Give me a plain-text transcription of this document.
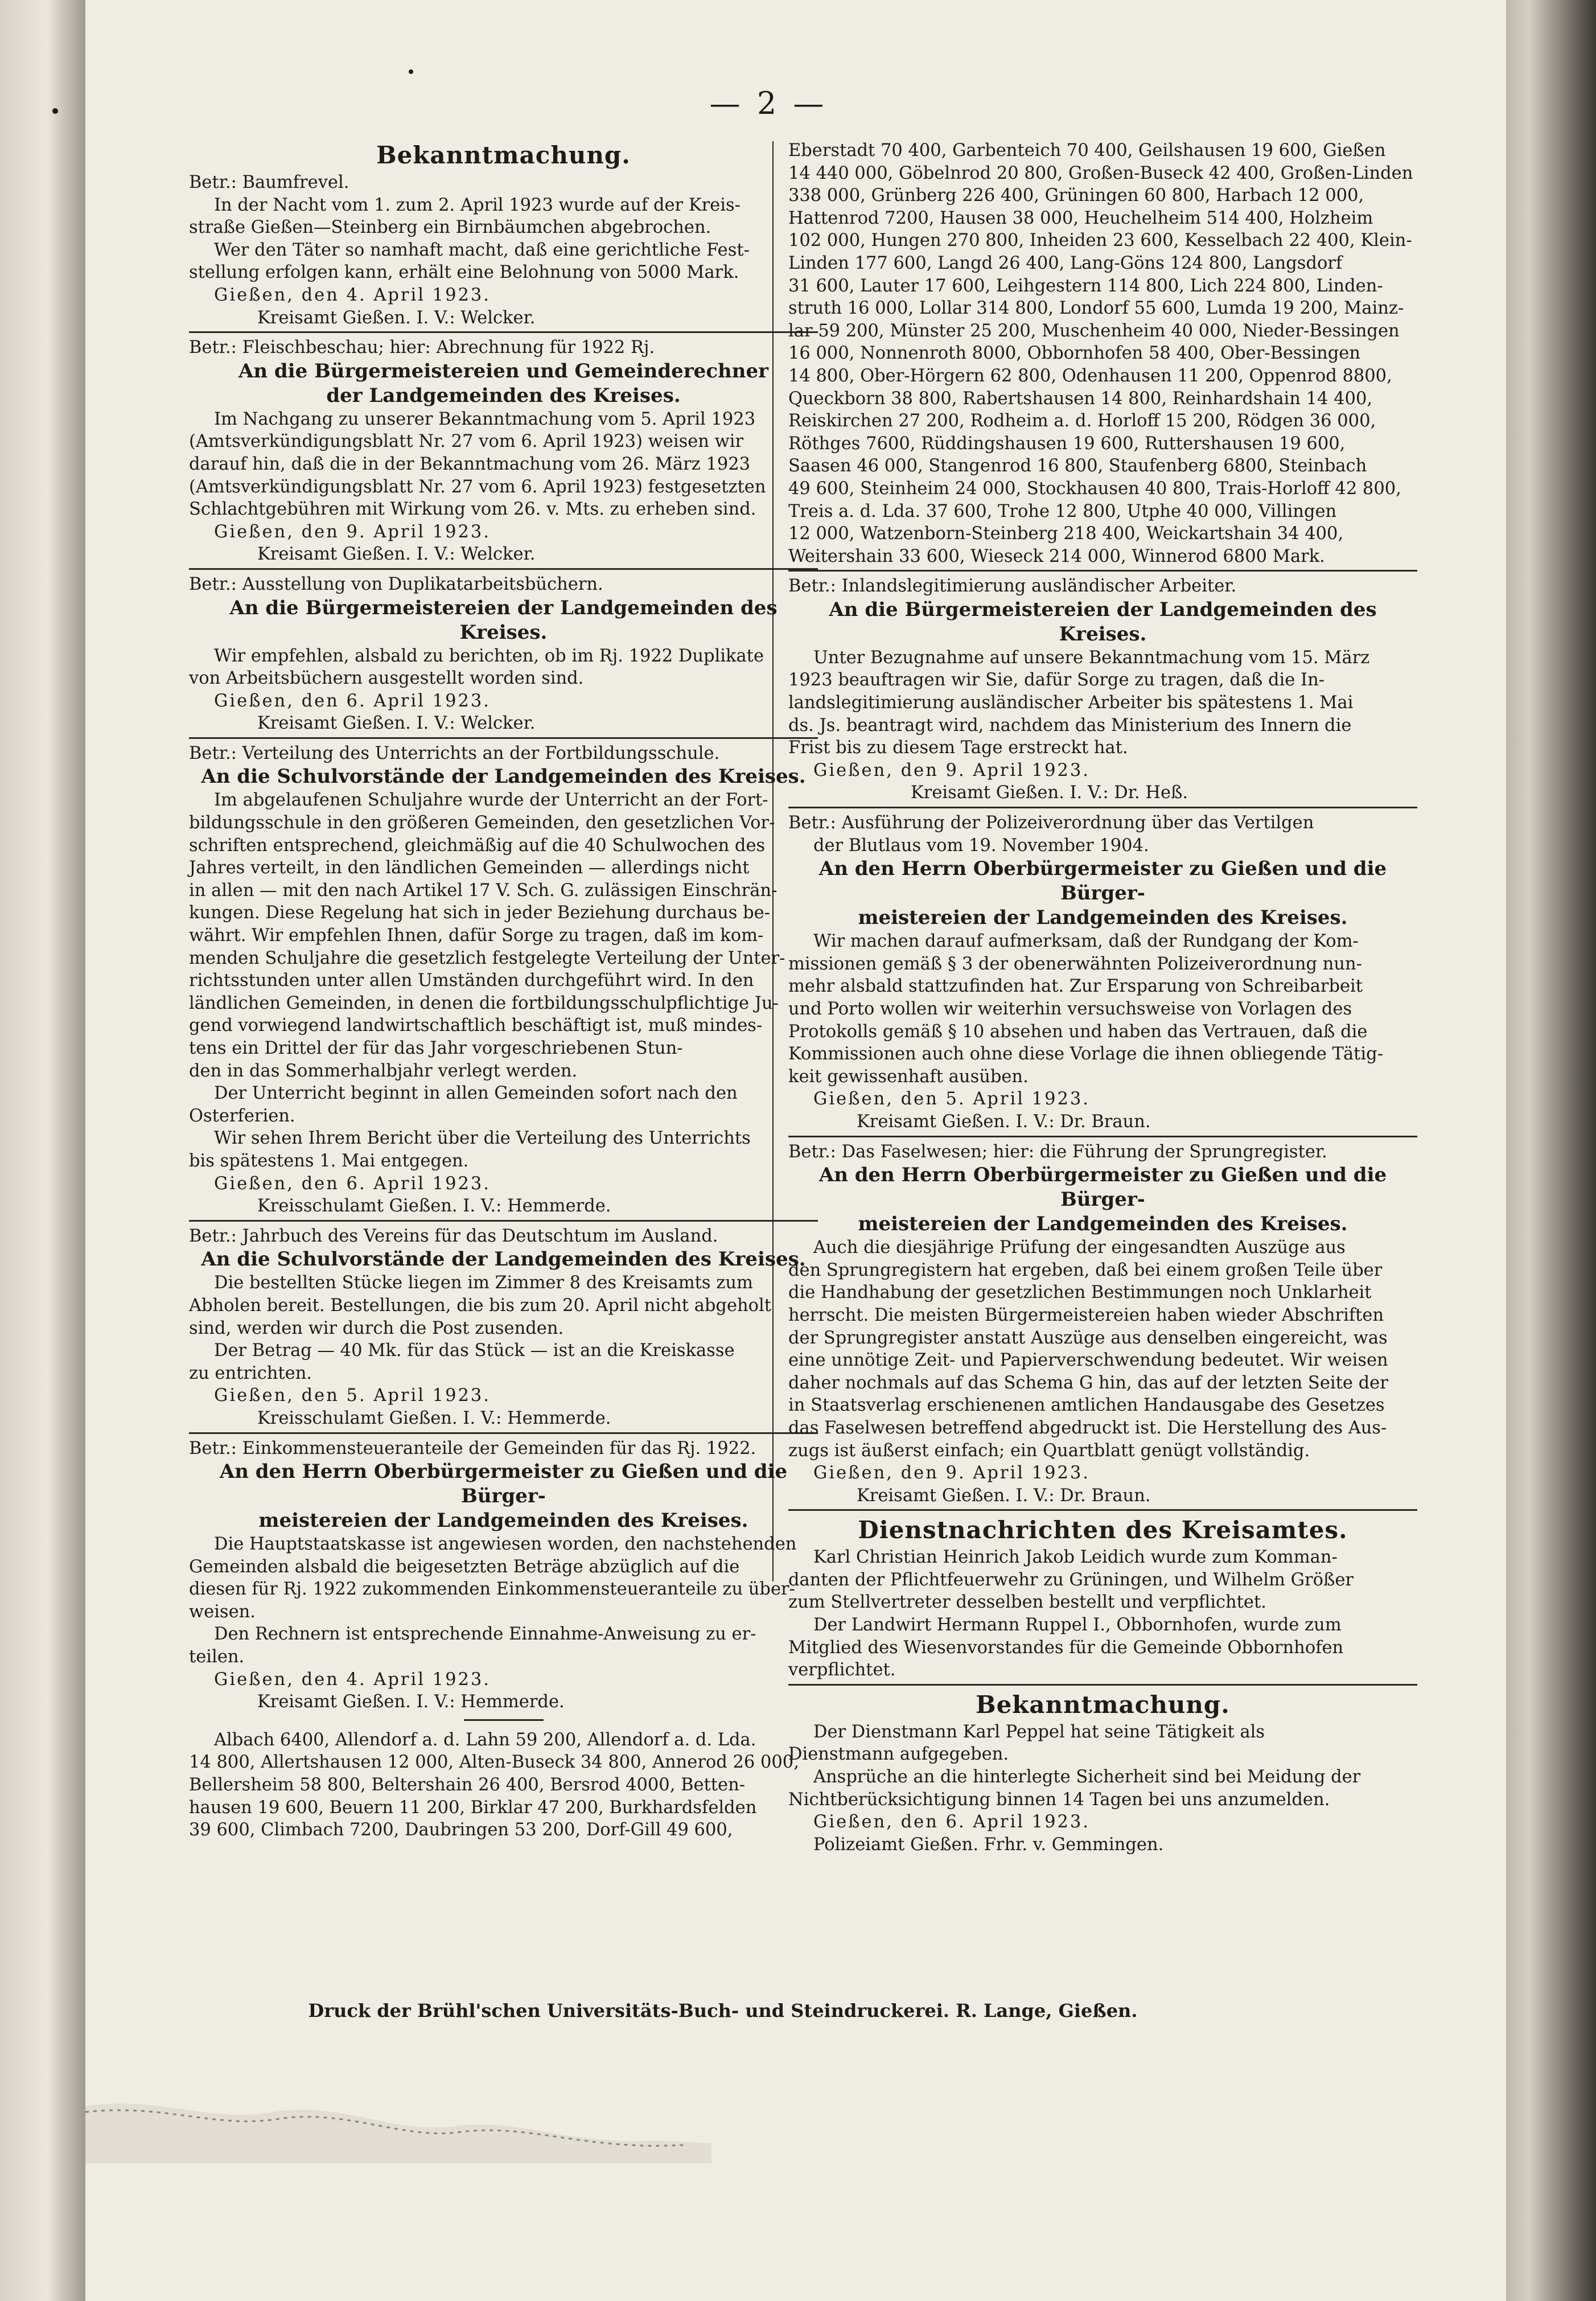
— 2 —
Bekanntmachung.
Betr.: Baumfrevel.
In der Nacht vom 1. zum 2. April 1923 wurde auf der Kreis-
straße Gießen—Steinberg ein Birnbäumchen abgebrochen.
Wer den Täter so namhaft macht, daß eine gerichtliche Fest-
stellung erfolgen kann, erhält eine Belohnung von 5000 Mark.
Gießen, den 4. April 1923.
Kreisamt Gießen. I. V.: Welcker.
Betr.: Fleischbeschau; hier: Abrechnung für 1922 Rj.
An die Bürgermeistereien und Gemeinderechner
der Landgemeinden des Kreises.
Im Nachgang zu unserer Bekanntmachung vom 5. April 1923
(Amtsverkündigungsblatt Nr. 27 vom 6. April 1923) weisen wir
darauf hin, daß die in der Bekanntmachung vom 26. März 1923
(Amtsverkündigungsblatt Nr. 27 vom 6. April 1923) festgesetzten
Schlachtgebühren mit Wirkung vom 26. v. Mts. zu erheben sind.
Gießen, den 9. April 1923.
Kreisamt Gießen. I. V.: Welcker.
Betr.: Ausstellung von Duplikatarbeitsbüchern.
An die Bürgermeistereien der Landgemeinden des Kreises.
Wir empfehlen, alsbald zu berichten, ob im Rj. 1922 Duplikate
von Arbeitsbüchern ausgestellt worden sind.
Gießen, den 6. April 1923.
Kreisamt Gießen. I. V.: Welcker.
Betr.: Verteilung des Unterrichts an der Fortbildungsschule.
An die Schulvorstände der Landgemeinden des Kreises.
Im abgelaufenen Schuljahre wurde der Unterricht an der Fort-
bildungsschule in den größeren Gemeinden, den gesetzlichen Vor-
schriften entsprechend, gleichmäßig auf die 40 Schulwochen des
Jahres verteilt, in den ländlichen Gemeinden — allerdings nicht
in allen — mit den nach Artikel 17 V. Sch. G. zulässigen Einschrän-
kungen. Diese Regelung hat sich in jeder Beziehung durchaus be-
währt. Wir empfehlen Ihnen, dafür Sorge zu tragen, daß im kom-
menden Schuljahre die gesetzlich festgelegte Verteilung der Unter-
richtsstunden unter allen Umständen durchgeführt wird. In den
ländlichen Gemeinden, in denen die fortbildungsschulpflichtige Ju-
gend vorwiegend landwirtschaftlich beschäftigt ist, muß mindes-
tens ein Drittel der für das Jahr vorgeschriebenen Stun-
den in das Sommerhalbjahr verlegt werden.
Der Unterricht beginnt in allen Gemeinden sofort nach den
Osterferien.
Wir sehen Ihrem Bericht über die Verteilung des Unterrichts
bis spätestens 1. Mai entgegen.
Gießen, den 6. April 1923.
Kreisschulamt Gießen. I. V.: Hemmerde.
Betr.: Jahrbuch des Vereins für das Deutschtum im Ausland.
An die Schulvorstände der Landgemeinden des Kreises.
Die bestellten Stücke liegen im Zimmer 8 des Kreisamts zum
Abholen bereit. Bestellungen, die bis zum 20. April nicht abgeholt
sind, werden wir durch die Post zusenden.
Der Betrag — 40 Mk. für das Stück — ist an die Kreiskasse
zu entrichten.
Gießen, den 5. April 1923.
Kreisschulamt Gießen. I. V.: Hemmerde.
Betr.: Einkommensteueranteile der Gemeinden für das Rj. 1922.
An den Herrn Oberbürgermeister zu Gießen und die Bürger-
meistereien der Landgemeinden des Kreises.
Die Hauptstaatskasse ist angewiesen worden, den nachstehenden
Gemeinden alsbald die beigesetzten Beträge abzüglich auf die
diesen für Rj. 1922 zukommenden Einkommensteueranteile zu über-
weisen.
Den Rechnern ist entsprechende Einnahme-Anweisung zu er-
teilen.
Gießen, den 4. April 1923.
Kreisamt Gießen. I. V.: Hemmerde.
Albach 6400, Allendorf a. d. Lahn 59 200, Allendorf a. d. Lda.
14 800, Allertshausen 12 000, Alten-Buseck 34 800, Annerod 26 000,
Bellersheim 58 800, Beltershain 26 400, Bersrod 4000, Betten-
hausen 19 600, Beuern 11 200, Birklar 47 200, Burkhardsfelden
39 600, Climbach 7200, Daubringen 53 200, Dorf-Gill 49 600,
Eberstadt 70 400, Garbenteich 70 400, Geilshausen 19 600, Gießen
14 440 000, Göbelnrod 20 800, Großen-Buseck 42 400, Großen-Linden
338 000, Grünberg 226 400, Grüningen 60 800, Harbach 12 000,
Hattenrod 7200, Hausen 38 000, Heuchelheim 514 400, Holzheim
102 000, Hungen 270 800, Inheiden 23 600, Kesselbach 22 400, Klein-
Linden 177 600, Langd 26 400, Lang-Göns 124 800, Langsdorf
31 600, Lauter 17 600, Leihgestern 114 800, Lich 224 800, Linden-
struth 16 000, Lollar 314 800, Londorf 55 600, Lumda 19 200, Mainz-
lar 59 200, Münster 25 200, Muschenheim 40 000, Nieder-Bessingen
16 000, Nonnenroth 8000, Obbornhofen 58 400, Ober-Bessingen
14 800, Ober-Hörgern 62 800, Odenhausen 11 200, Oppenrod 8800,
Queckborn 38 800, Rabertshausen 14 800, Reinhardshain 14 400,
Reiskirchen 27 200, Rodheim a. d. Horloff 15 200, Rödgen 36 000,
Röthges 7600, Rüddingshausen 19 600, Ruttershausen 19 600,
Saasen 46 000, Stangenrod 16 800, Staufenberg 6800, Steinbach
49 600, Steinheim 24 000, Stockhausen 40 800, Trais-Horloff 42 800,
Treis a. d. Lda. 37 600, Trohe 12 800, Utphe 40 000, Villingen
12 000, Watzenborn-Steinberg 218 400, Weickartshain 34 400,
Weitershain 33 600, Wieseck 214 000, Winnerod 6800 Mark.
Betr.: Inlandslegitimierung ausländischer Arbeiter.
An die Bürgermeistereien der Landgemeinden des Kreises.
Unter Bezugnahme auf unsere Bekanntmachung vom 15. März
1923 beauftragen wir Sie, dafür Sorge zu tragen, daß die In-
landslegitimierung ausländischer Arbeiter bis spätestens 1. Mai
ds. Js. beantragt wird, nachdem das Ministerium des Innern die
Frist bis zu diesem Tage erstreckt hat.
Gießen, den 9. April 1923.
Kreisamt Gießen. I. V.: Dr. Heß.
Betr.: Ausführung der Polizeiverordnung über das Vertilgen
der Blutlaus vom 19. November 1904.
An den Herrn Oberbürgermeister zu Gießen und die Bürger-
meistereien der Landgemeinden des Kreises.
Wir machen darauf aufmerksam, daß der Rundgang der Kom-
missionen gemäß § 3 der obenerwähnten Polizeiverordnung nun-
mehr alsbald stattzufinden hat. Zur Ersparung von Schreibarbeit
und Porto wollen wir weiterhin versuchsweise von Vorlagen des
Protokolls gemäß § 10 absehen und haben das Vertrauen, daß die
Kommissionen auch ohne diese Vorlage die ihnen obliegende Tätig-
keit gewissenhaft ausüben.
Gießen, den 5. April 1923.
Kreisamt Gießen. I. V.: Dr. Braun.
Betr.: Das Faselwesen; hier: die Führung der Sprungregister.
An den Herrn Oberbürgermeister zu Gießen und die Bürger-
meistereien der Landgemeinden des Kreises.
Auch die diesjährige Prüfung der eingesandten Auszüge aus
den Sprungregistern hat ergeben, daß bei einem großen Teile über
die Handhabung der gesetzlichen Bestimmungen noch Unklarheit
herrscht. Die meisten Bürgermeistereien haben wieder Abschriften
der Sprungregister anstatt Auszüge aus denselben eingereicht, was
eine unnötige Zeit- und Papierverschwendung bedeutet. Wir weisen
daher nochmals auf das Schema G hin, das auf der letzten Seite der
in Staatsverlag erschienenen amtlichen Handausgabe des Gesetzes
das Faselwesen betreffend abgedruckt ist. Die Herstellung des Aus-
zugs ist äußerst einfach; ein Quartblatt genügt vollständig.
Gießen, den 9. April 1923.
Kreisamt Gießen. I. V.: Dr. Braun.
Dienstnachrichten des Kreisamtes.
Karl Christian Heinrich Jakob Leidich wurde zum Komman-
danten der Pflichtfeuerwehr zu Grüningen, und Wilhelm Größer
zum Stellvertreter desselben bestellt und verpflichtet.
Der Landwirt Hermann Ruppel I., Obbornhofen, wurde zum
Mitglied des Wiesenvorstandes für die Gemeinde Obbornhofen
verpflichtet.
Bekanntmachung.
Der Dienstmann Karl Peppel hat seine Tätigkeit als
Dienstmann aufgegeben.
Ansprüche an die hinterlegte Sicherheit sind bei Meidung der
Nichtberücksichtigung binnen 14 Tagen bei uns anzumelden.
Gießen, den 6. April 1923.
Polizeiamt Gießen. Frhr. v. Gemmingen.
Druck der Brühl'schen Universitäts-Buch- und Steindruckerei. R. Lange, Gießen.
